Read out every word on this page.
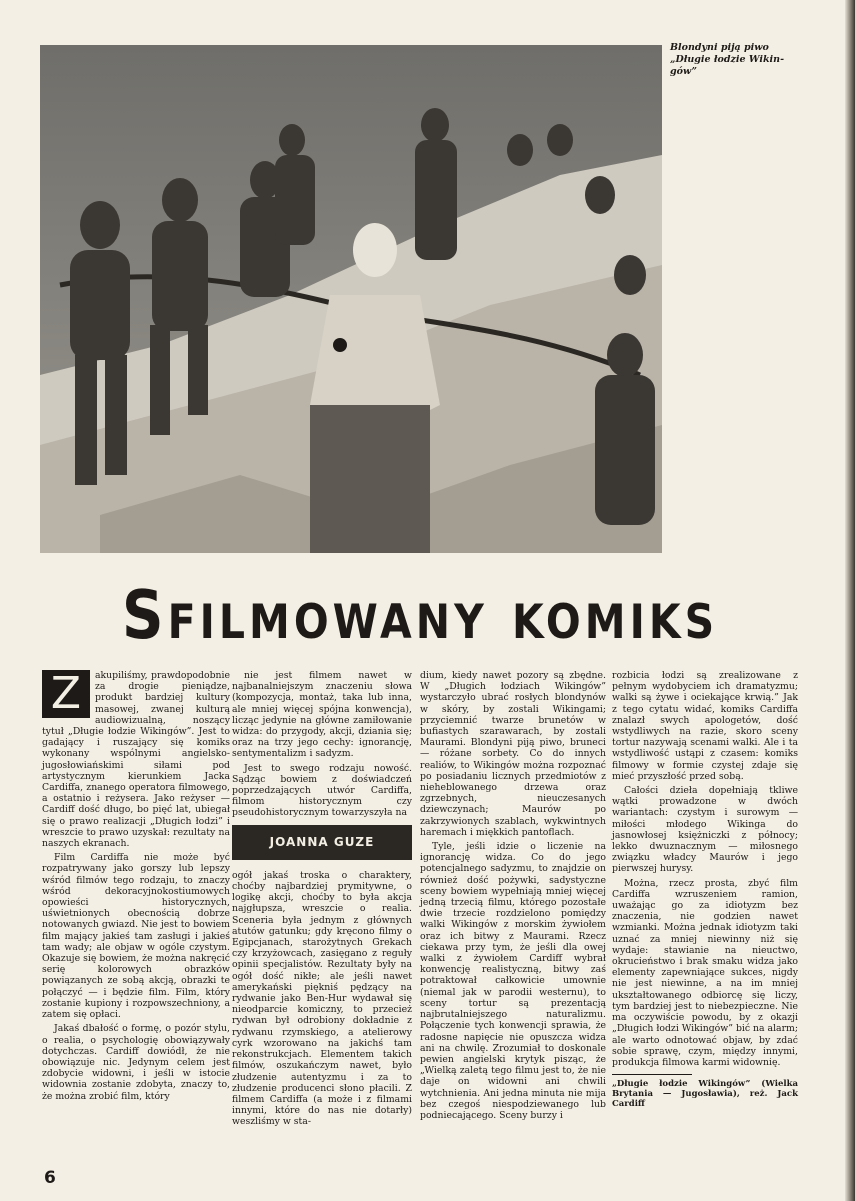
Blondyni piją piwo
„Długie łodzie Wikin-gów”
Sfilmowany komiks

Z	akupiliśmy, prawdopodobnie za drogie pieniądze, produkt bardziej kultury masowej, zwanej kulturą audiowizualną, noszący tytuł „Długie łodzie Wikingów”. Jest to gadający i ruszający się komiks wykonany wspólnymi angielsko-jugosłowiańskimi siłami pod artystycznym kierunkiem Jacka Cardiffa, znanego operatora filmowego, a ostatnio i reżysera. Jako reżyser — Cardiff dość długo, bo pięć lat, ubiegał się o prawo realizacji „Długich łodzi” i wreszcie to prawo uzyskał: rezultaty na naszych ekranach.

Film Cardiffa nie może być rozpatrywany jako gorszy lub lepszy wśród filmów tego rodzaju, to znaczy wśród dekoracyjnokostiumowych opowieści historycznych, uświetnionych obecnością dobrze notowanych gwiazd. Nie jest to bowiem film mający jakieś tam zasługi i jakieś tam wady; ale objaw w ogóle czystym. Okazuje się bowiem, że można nakręcić serię kolorowych obrazków powiązanych ze sobą akcją, obrazki te połączyć — i będzie film. Film, który zostanie kupiony i rozpowszechniony, a zatem się opłaci.

Jakaś dbałość o formę, o pozór stylu, o realia, o psychologię obowiązywały dotychczas. Cardiff dowiódł, że nie obowiązuje nic. Jedynym celem jest zdobycie widowni, i jeśli w istocie widownia zostanie zdobyta, znaczy to, że można zrobić film, który

nie jest filmem nawet w najbanalniejszym znaczeniu słowa (kompozycja, montaż, taka lub inna, ale mniej więcej spójna konwencja), licząc jedynie na główne zamiłowanie widza: do przygody, akcji, dziania się; oraz na trzy jego cechy: ignorancję, sentymentalizm i sadyzm.

Jest to swego rodzaju nowość. Sądząc bowiem z doświadczeń poprzedzających utwór Cardiffa, filmom historycznym czy pseudohistorycznym towarzyszyła na

JOANNA GUZE

ogół jakaś troska o charaktery, choćby najbardziej prymitywne, o logikę akcji, choćby to była akcja najgłupsza, wreszcie o realia. Sceneria była jednym z głównych atutów gatunku; gdy kręcono filmy o Egipcjanach, starożytnych Grekach czy krzyżowcach, zasięgano z reguły opinii specjalistów. Rezultaty były na ogół dość nikłe; ale jeśli nawet amerykański piękniś pędzący na rydwanie jako Ben-Hur wydawał się nieodparcie komiczny, to przecież rydwan był odrobiony dokładnie z rydwanu rzymskiego, a atelierowy cyrk wzorowano na jakichś tam rekonstrukcjach. Elementem takich filmów, oszukańczym nawet, było złudzenie autentyzmu i za to złudzenie producenci słono płacili. Z filmem Cardiffa (a może i z filmami innymi, które do nas nie dotarły) weszliśmy w sta-

dium, kiedy nawet pozory są zbędne. W „Długich łodziach Wikingów” wystarczyło ubrać rosłych blondynów w skóry, by zostali Wikingami; przyciemnić twarze brunetów w bufiastych szarawarach, by zostali Maurami. Blondyni piją piwo, bruneci — różane sorbety. Co do innych realiów, to Wikingów można rozpoznać po posiadaniu licznych przedmiotów z nieheblowanego drzewa oraz zgrzebnych, nieuczesanych dziewczynach; Maurów po zakrzywionych szablach, wykwintnych haremach i miękkich pantoflach.

Tyle, jeśli idzie o liczenie na ignorancję widza. Co do jego potencjalnego sadyzmu, to znajdzie on również dość pożywki, sadystyczne sceny bowiem wypełniają mniej więcej jedną trzecią filmu, którego pozostałe dwie trzecie rozdzielono pomiędzy walki Wikingów z morskim żywiołem oraz ich bitwy z Maurami. Rzecz ciekawa przy tym, że jeśli dla owej walki z żywiołem Cardiff wybrał konwencję realistyczną, bitwy zaś potraktował całkowicie umownie (niemal jak w parodii westernu), to sceny tortur są prezentacją najbrutalniejszego naturalizmu. Połączenie tych konwencji sprawia, że radosne napięcie nie opuszcza widza ani na chwilę. Zrozumiał to doskonale pewien angielski krytyk pisząc, że „Wielką zaletą tego filmu jest to, że nie daje on widowni ani chwili wytchnienia. Ani jedna minuta nie mija bez czegoś niespodziewanego lub podniecającego. Sceny burzy i

rozbicia łodzi są zrealizowane z pełnym wydobyciem ich dramatyzmu; walki są żywe i ociekające krwią.” Jak z tego cytatu widać, komiks Cardiffa znalazł swych apologetów, dość wstydliwych na razie, skoro sceny tortur nazywają scenami walki. Ale i ta wstydliwość ustąpi z czasem: komiks filmowy w formie czystej zdaje się mieć przyszłość przed sobą.

Całości dzieła dopełniają tkliwe wątki prowadzone w dwóch wariantach: czystym i surowym — miłości młodego Wikinga do jasnowłosej księżniczki z północy; lekko dwuznacznym — miłosnego związku władcy Maurów i jego pierwszej hurysy.

Można, rzecz prosta, zbyć film Cardiffa wzruszeniem ramion, uważając go za idiotyzm bez znaczenia, nie godzien nawet wzmianki. Można jednak idiotyzm taki uznać za mniej niewinny niż się wydaje: stawianie na nieuctwo, okrucieństwo i brak smaku widza jako elementy zapewniające sukces, nigdy nie jest niewinne, a na im mniej ukształtowanego odbiorcę się liczy, tym bardziej jest to niebezpieczne. Nie ma oczywiście powodu, by z okazji „Długich łodzi Wikingów” bić na alarm; ale warto odnotować objaw, by zdać sobie sprawę, czym, między innymi, produkcja filmowa karmi widownię.

„Długie łodzie Wikingów” (Wielka Brytania — Jugosławia), reż. Jack Cardiff

6
